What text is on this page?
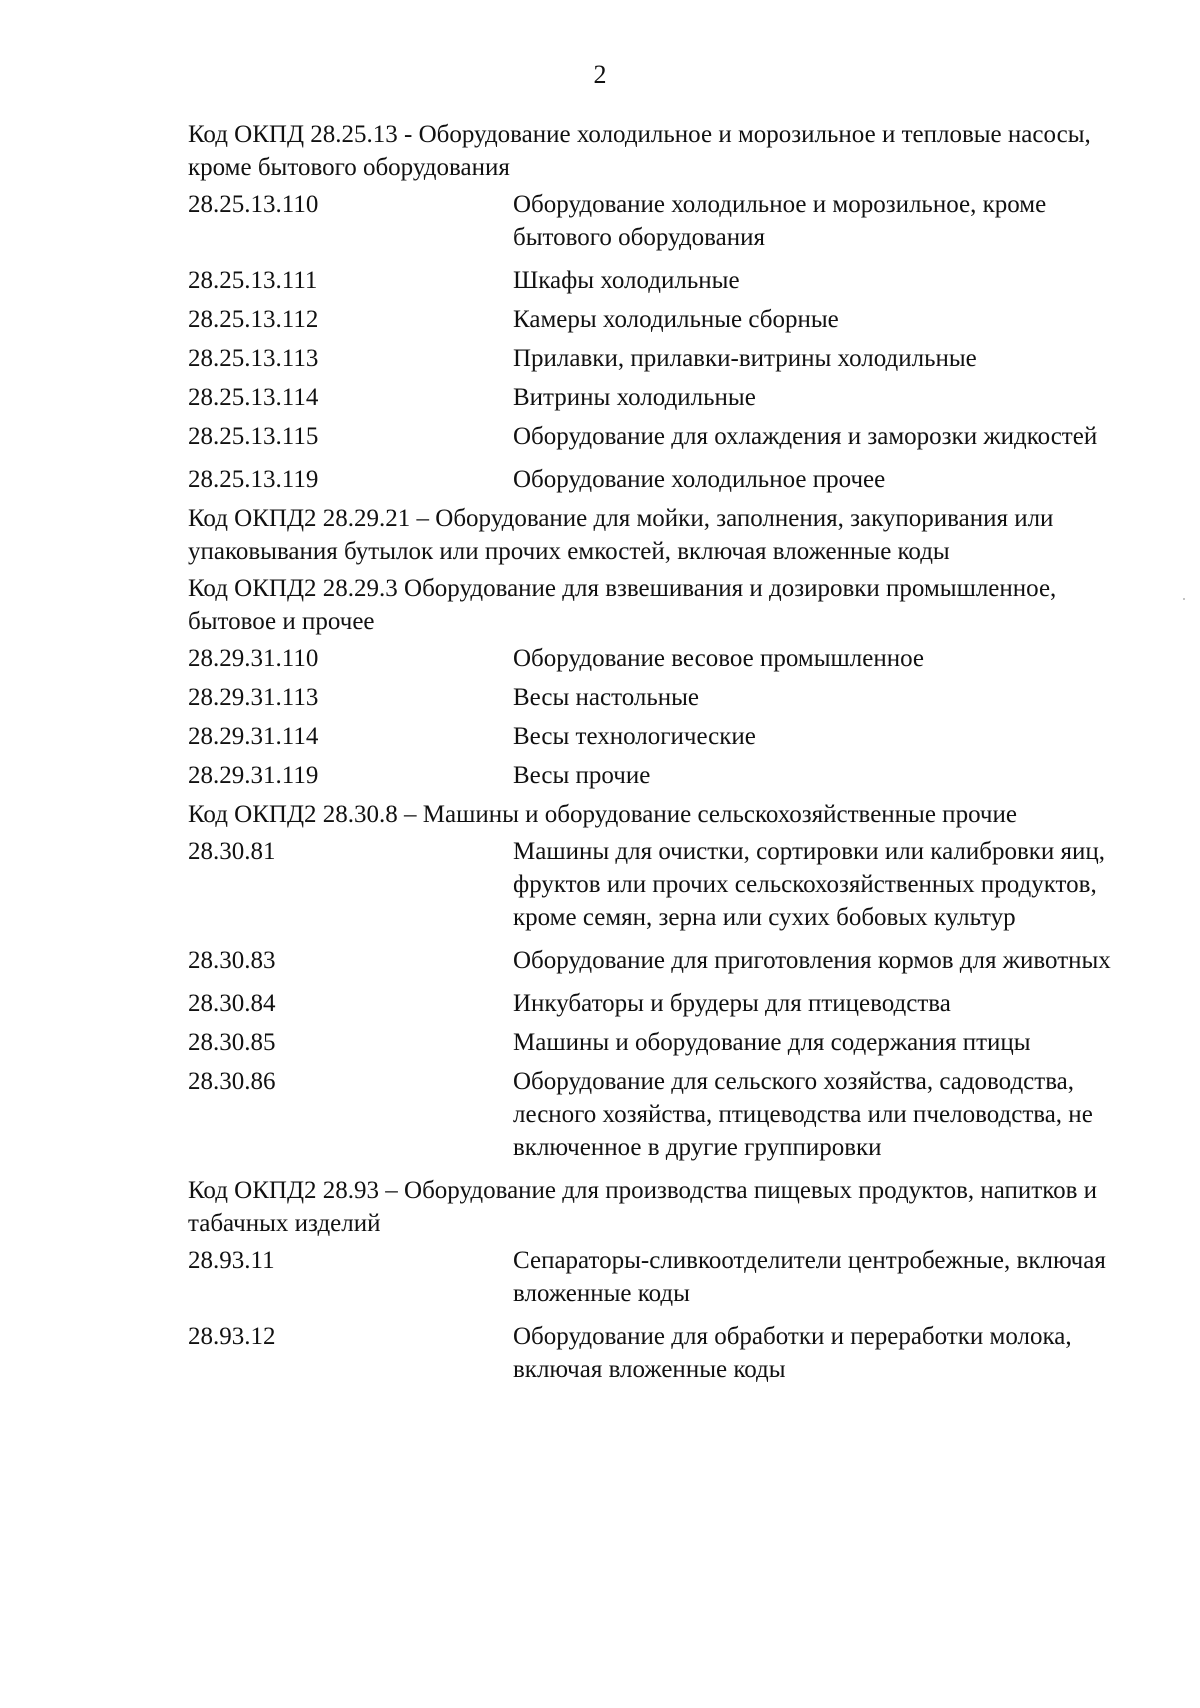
2

Код ОКПД 28.25.13 - Оборудование холодильное и морозильное и тепловые насосы, кроме бытового оборудования

28.25.13.110	Оборудование холодильное и морозильное, кроме бытового оборудования
28.25.13.111	Шкафы холодильные
28.25.13.112	Камеры холодильные сборные
28.25.13.113	Прилавки, прилавки-витрины холодильные
28.25.13.114	Витрины холодильные
28.25.13.115	Оборудование для охлаждения и заморозки жидкостей
28.25.13.119	Оборудование холодильное прочее

Код ОКПД2 28.29.21 – Оборудование для мойки, заполнения, закупоривания или упаковывания бутылок или прочих емкостей, включая вложенные коды

Код ОКПД2 28.29.3 Оборудование для взвешивания и дозировки промышленное, бытовое и прочее

28.29.31.110	Оборудование весовое промышленное
28.29.31.113	Весы настольные
28.29.31.114	Весы технологические
28.29.31.119	Весы прочие

Код ОКПД2 28.30.8 – Машины и оборудование сельскохозяйственные прочие

28.30.81	Машины для очистки, сортировки или калибровки яиц, фруктов или прочих сельскохозяйственных продуктов, кроме семян, зерна или сухих бобовых культур
28.30.83	Оборудование для приготовления кормов для животных
28.30.84	Инкубаторы и брудеры для птицеводства
28.30.85	Машины и оборудование для содержания птицы
28.30.86	Оборудование для сельского хозяйства, садоводства, лесного хозяйства, птицеводства или пчеловодства, не включенное в другие группировки

Код ОКПД2 28.93 – Оборудование для производства пищевых продуктов, напитков и табачных изделий

28.93.11	Сепараторы-сливкоотделители центробежные, включая вложенные коды
28.93.12	Оборудование для обработки и переработки молока, включая вложенные коды
